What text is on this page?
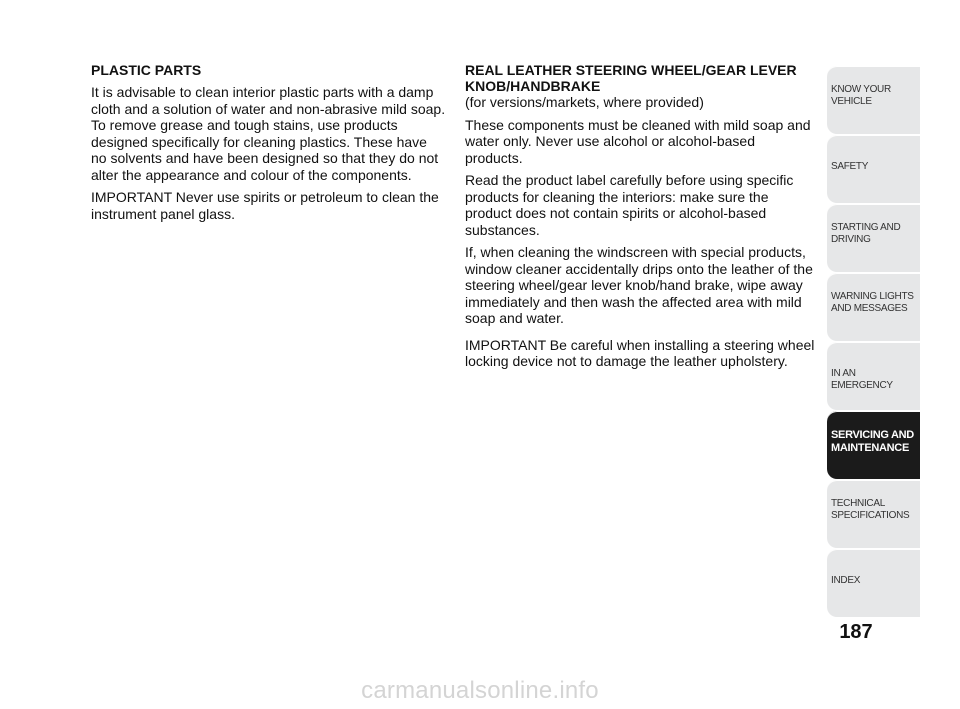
PLASTIC PARTS

It is advisable to clean interior plastic parts with a damp cloth and a solution of water and non-abrasive mild soap. To remove grease and tough stains, use products designed specifically for cleaning plastics. These have no solvents and have been designed so that they do not alter the appearance and colour of the components.

IMPORTANT Never use spirits or petroleum to clean the instrument panel glass.

REAL LEATHER STEERING WHEEL/GEAR LEVER KNOB/HANDBRAKE

(for versions/markets, where provided)

These components must be cleaned with mild soap and water only. Never use alcohol or alcohol-based products.

Read the product label carefully before using specific products for cleaning the interiors: make sure the product does not contain spirits or alcohol-based substances.

If, when cleaning the windscreen with special products, window cleaner accidentally drips onto the leather of the steering wheel/gear lever knob/hand brake, wipe away immediately and then wash the affected area with mild soap and water.

IMPORTANT Be careful when installing a steering wheel locking device not to damage the leather upholstery.

KNOW YOUR
VEHICLE
SAFETY
STARTING AND
DRIVING
WARNING LIGHTS
AND MESSAGES
IN AN EMERGENCY
SERVICING AND
MAINTENANCE
TECHNICAL
SPECIFICATIONS
INDEX
187
carmanualsonline.info
